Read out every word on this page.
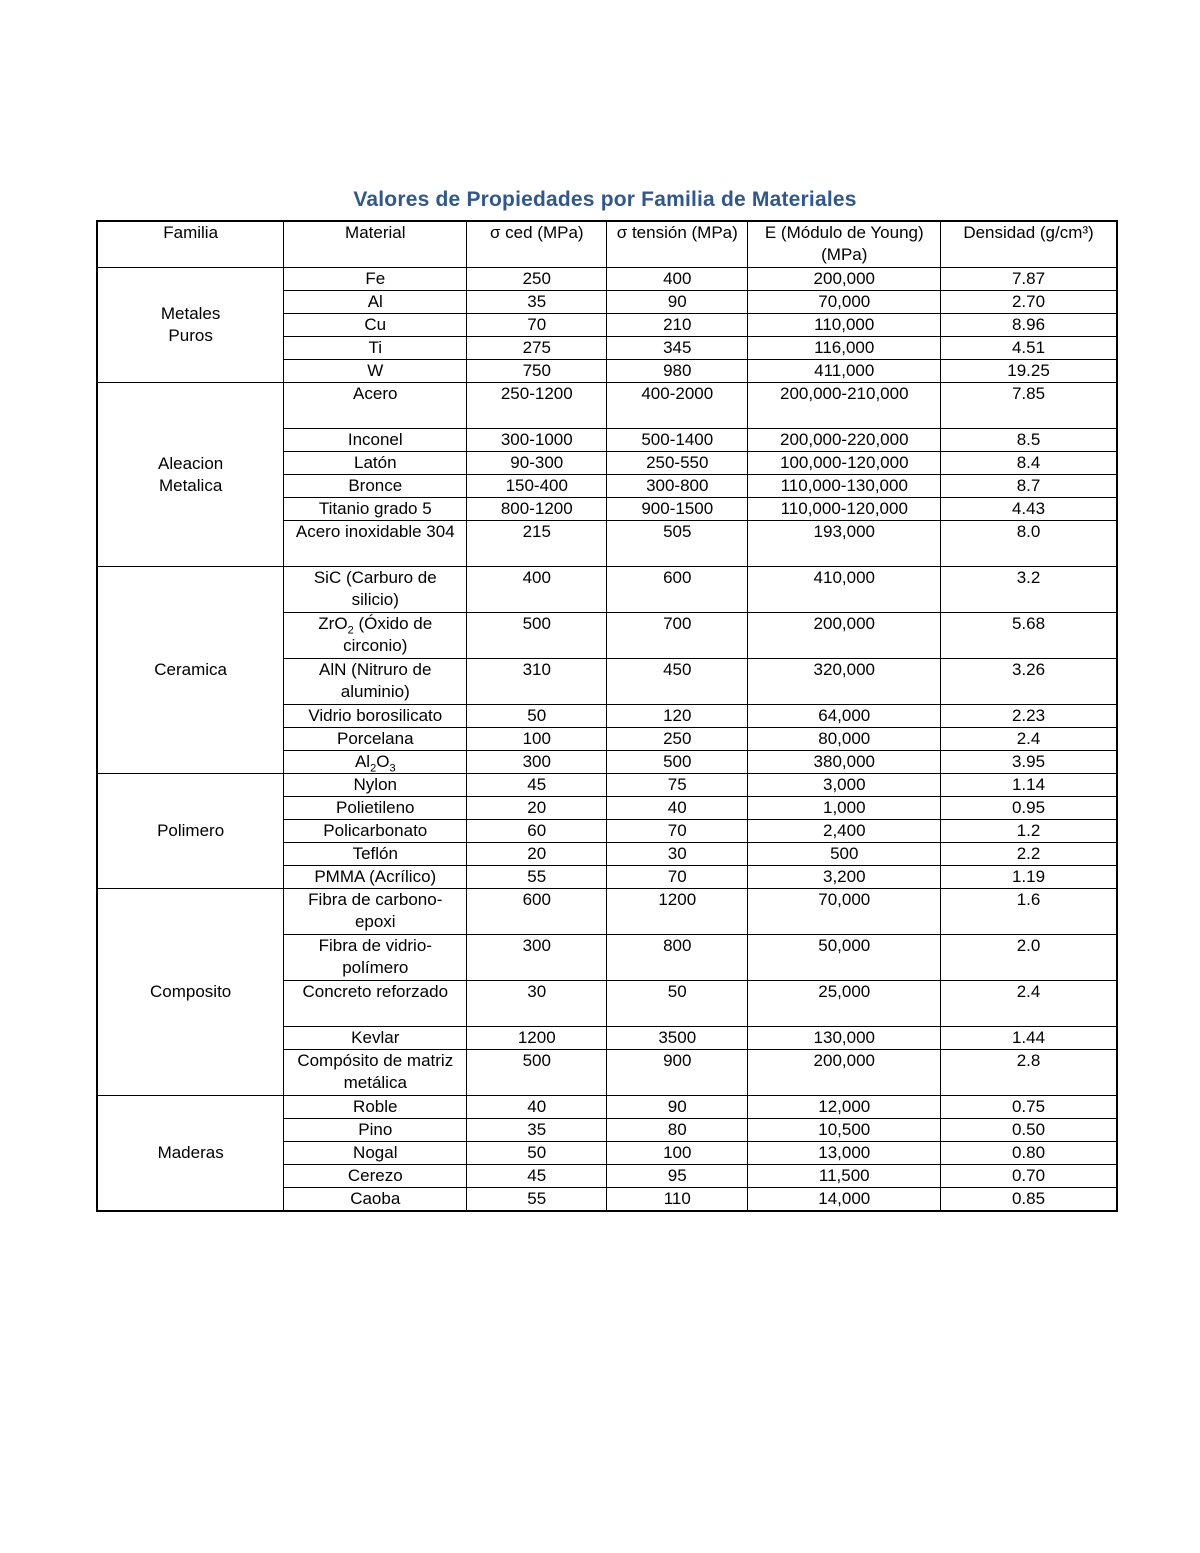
Valores de Propiedades por Familia de Materiales
Familia	Material	σ ced (MPa)	σ tensión (MPa)	E (Módulo de Young) (MPa)	Densidad (g/cm³)
Metales Puros	Fe	250	400	200,000	7.87
	Al	35	90	70,000	2.70
	Cu	70	210	110,000	8.96
	Ti	275	345	116,000	4.51
	W	750	980	411,000	19.25
Aleacion Metalica	Acero	250-1200	400-2000	200,000-210,000	7.85
	Inconel	300-1000	500-1400	200,000-220,000	8.5
	Latón	90-300	250-550	100,000-120,000	8.4
	Bronce	150-400	300-800	110,000-130,000	8.7
	Titanio grado 5	800-1200	900-1500	110,000-120,000	4.43
	Acero inoxidable 304	215	505	193,000	8.0
Ceramica	SiC (Carburo de silicio)	400	600	410,000	3.2
	ZrO$_2$ (Óxido de circonio)	500	700	200,000	5.68
	AlN (Nitruro de aluminio)	310	450	320,000	3.26
	Vidrio borosilicato	50	120	64,000	2.23
	Porcelana	100	250	80,000	2.4
	$Al_2O_3$	300	500	380,000	3.95
Polimero	Nylon	45	75	3,000	1.14
	Polietileno	20	40	1,000	0.95
	Policarbonato	60	70	2,400	1.2
	Teflón	20	30	500	2.2
	PMMA (Acrílico)	55	70	3,200	1.19
Composito	Fibra de carbono-epoxi	600	1200	70,000	1.6
	Fibra de vidrio-polímero	300	800	50,000	2.0
	Concreto reforzado	30	50	25,000	2.4
	Kevlar	1200	3500	130,000	1.44
	Compósito de matriz metálica	500	900	200,000	2.8
Maderas	Roble	40	90	12,000	0.75
	Pino	35	80	10,500	0.50
	Nogal	50	100	13,000	0.80
	Cerezo	45	95	11,500	0.70
	Caoba	55	110	14,000	0.85
